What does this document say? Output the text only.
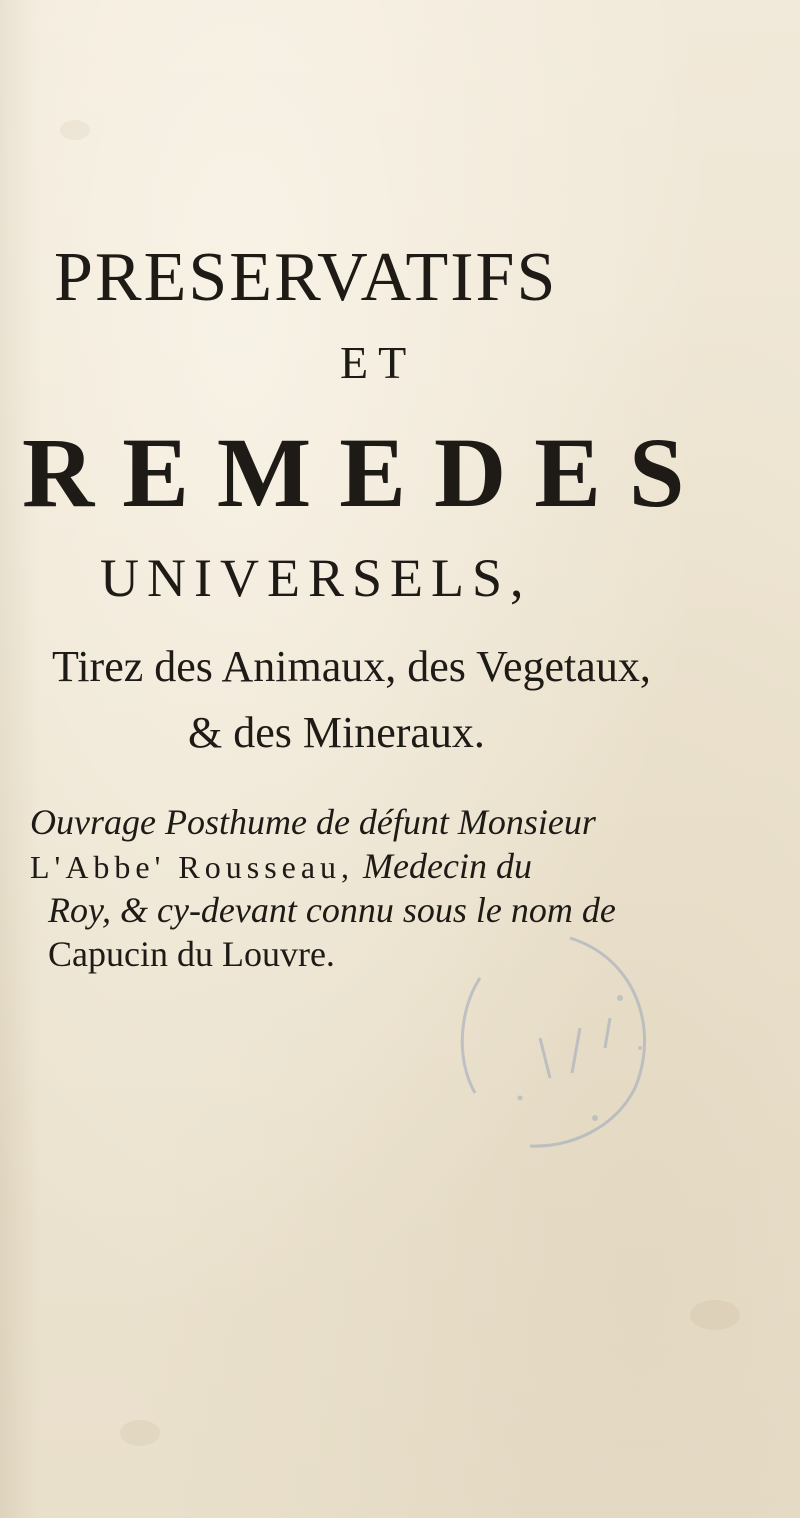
PRESERVATIFS
ET
REMEDES
UNIVERSELS,
Tirez des Animaux, des Vegetaux,
& des Mineraux.
Ouvrage Posthume de défunt Monsieur
L'Abbe' Rousseau, Medecin du
Roy, & cy-devant connu sous le nom de
Capucin du Louvre.
